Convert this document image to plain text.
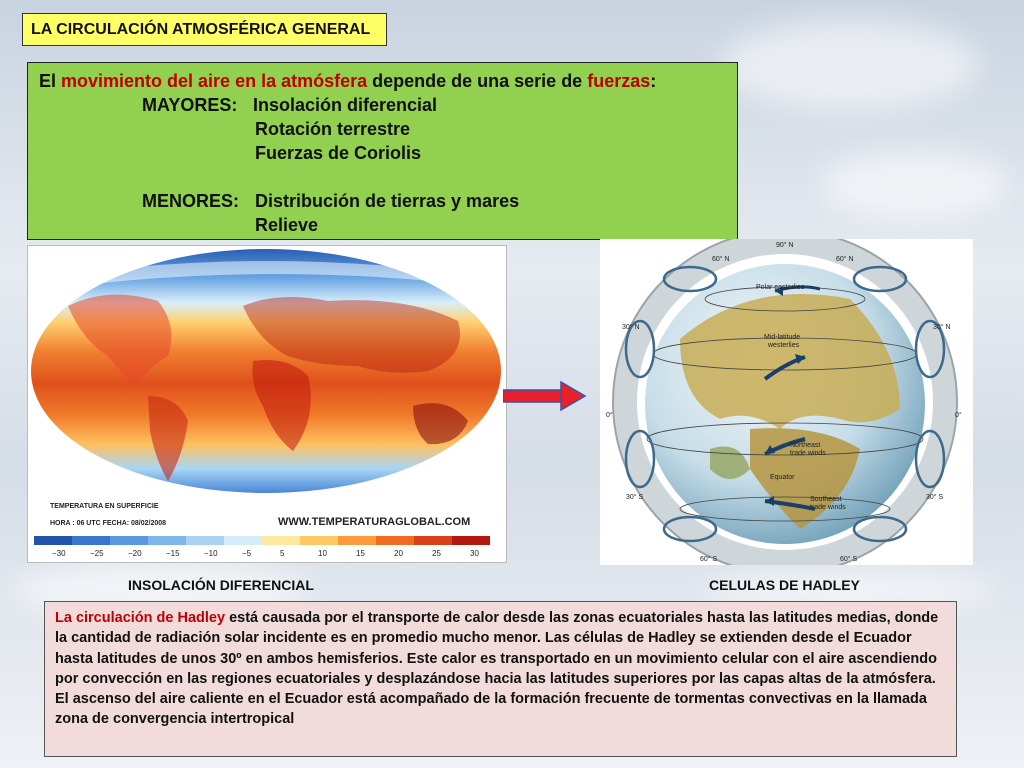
LA CIRCULACIÓN ATMOSFÉRICA GENERAL
El movimiento del aire en la atmósfera depende de una serie de fuerzas:
MAYORES: Insolación diferencial
Rotación terrestre
Fuerzas de Coriolis
MENORES: Distribución de tierras y mares
Relieve
TEMPERATURA EN SUPERFICIE
HORA : 06 UTC FECHA: 08/02/2008	WWW.TEMPERATURAGLOBAL.COM
−30	−25	−20	−15	−10	−5	5	10	15	20	25	30
90° N
60° N	60° N
30° N	30° N
0°	0°
30° S	30° S
60° S	60° S
Polar easterlies
Mid-latitude
westerlies
Northeast
trade winds
Equator
Southeast
trade winds
INSOLACIÓN DIFERENCIAL	CELULAS DE HADLEY
La circulación de Hadley está causada por el transporte de calor desde las zonas ecuatoriales hasta las latitudes medias, donde la cantidad de radiación solar incidente es en promedio mucho menor. Las células de Hadley se extienden desde el Ecuador hasta latitudes de unos 30º en ambos hemisferios. Este calor es transportado en un movimiento celular con el aire ascendiendo por convección en las regiones ecuatoriales y desplazándose hacia las latitudes superiores por las capas altas de la atmósfera. El ascenso del aire caliente en el Ecuador está acompañado de la formación frecuente de tormentas convectivas en la llamada zona de convergencia intertropical
